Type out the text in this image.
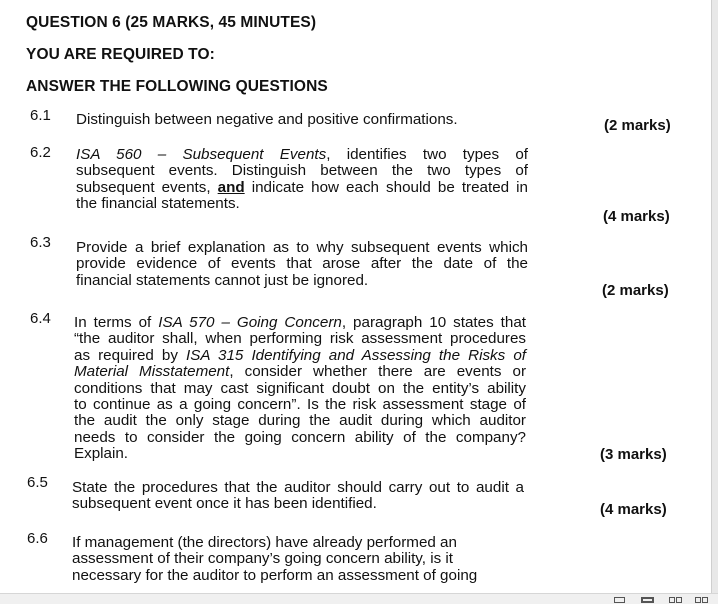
QUESTION 6 (25 MARKS, 45 MINUTES)
YOU ARE REQUIRED TO:
ANSWER THE FOLLOWING QUESTIONS
6.1 Distinguish between negative and positive confirmations.	(2 marks)
6.2 ISA 560 – Subsequent Events, identifies two types of
subsequent events. Distinguish between the two types of
subsequent events, and indicate how each should be treated in
the financial statements.
(4 marks)
6.3 Provide a brief explanation as to why subsequent events which
provide evidence of events that arose after the date of the
financial statements cannot just be ignored.
(2 marks)
6.4 In terms of ISA 570 – Going Concern, paragraph 10 states that
“the auditor shall, when performing risk assessment procedures
as required by ISA 315 Identifying and Assessing the Risks of
Material Misstatement, consider whether there are events or
conditions that may cast significant doubt on the entity’s ability
to continue as a going concern”. Is the risk assessment stage of
the audit the only stage during the audit during which auditor
needs to consider the going concern ability of the company?
Explain.	(3 marks)
6.5 State the procedures that the auditor should carry out to audit a
subsequent event once it has been identified.	(4 marks)
6.6 If management (the directors) have already performed an
assessment of their company’s going concern ability, is it
necessary for the auditor to perform an assessment of going
